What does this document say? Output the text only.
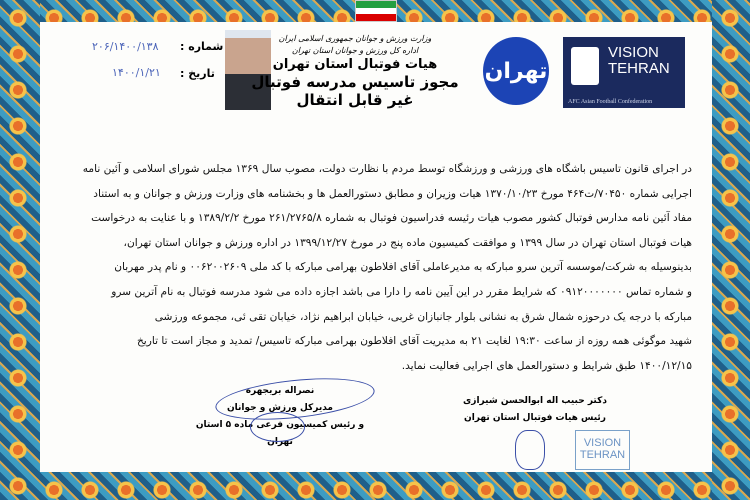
VISION TEHRAN
AFC Asian Football Confederation
تهران
وزارت ورزش و جوانان جمهوری اسلامی ایران
اداره کل ورزش و جوانان استان تهران
هیات فوتبال استان تهران
مجوز تاسیس مدرسه فوتبال
غیر قابل انتقال
شماره :
تاریخ :
۲۰۶/۱۴۰۰/۱۳۸
۱۴۰۰/۱/۲۱
در اجرای قانون تاسیس باشگاه های ورزشی و ورزشگاه توسط مردم با نظارت دولت، مصوب سال ۱۳۶۹ مجلس شورای اسلامی و آئین نامه
اجرایی شماره ۷۰۴۵۰/ت۴۶۴ مورخ ۱۳۷۰/۱۰/۲۳ هیات وزیران و مطابق دستورالعمل ها و بخشنامه های وزارت ورزش و جوانان و به استناد
مفاد آئین نامه مدارس فوتبال کشور مصوب هیات رئیسه فدراسیون فوتبال به شماره ۲۶۱/۲۷۶۵/۸ مورخ ۱۳۸۹/۲/۲ و با عنایت به درخواست
هیات فوتبال استان تهران در سال ۱۳۹۹ و موافقت کمیسیون ماده پنج در مورخ ۱۳۹۹/۱۲/۲۷ در اداره ورزش و جوانان استان تهران،
بدینوسیله به شرکت/موسسه آترین سرو مبارکه به مدیرعاملی آقای افلاطون بهرامی مبارکه با کد ملی ۰۰۶۲۰۰۲۶۰۹ و نام پدر مهربان
و شماره تماس ۰۹۱۲۰۰۰۰۰۰۰ که شرایط مقرر در این آیین نامه را دارا می باشد اجازه داده می شود مدرسه فوتبال به نام آترین سرو
مبارکه با درجه یک درحوزه شمال شرق به نشانی بلوار جانبازان غربی، خیابان ابراهیم نژاد، خیابان تقی ئی، مجموعه ورزشی
شهید موگوئی همه روزه از ساعت ۱۹:۳۰ لغایت ۲۱ به مدیریت آقای افلاطون بهرامی مبارکه تاسیس/ تمدید و مجاز است تا تاریخ
۱۴۰۰/۱۲/۱۵ طبق شرایط و دستورالعمل های اجرایی فعالیت نماید.
دکتر حبیب اله ابوالحسن شیرازی
رئیس هیات فوتبال استان تهران
نصراله بریجهره
مدیرکل ورزش و جوانان
و رئیس کمیسیون فرعی ماده ۵ استان تهران	VISION TEHRAN
